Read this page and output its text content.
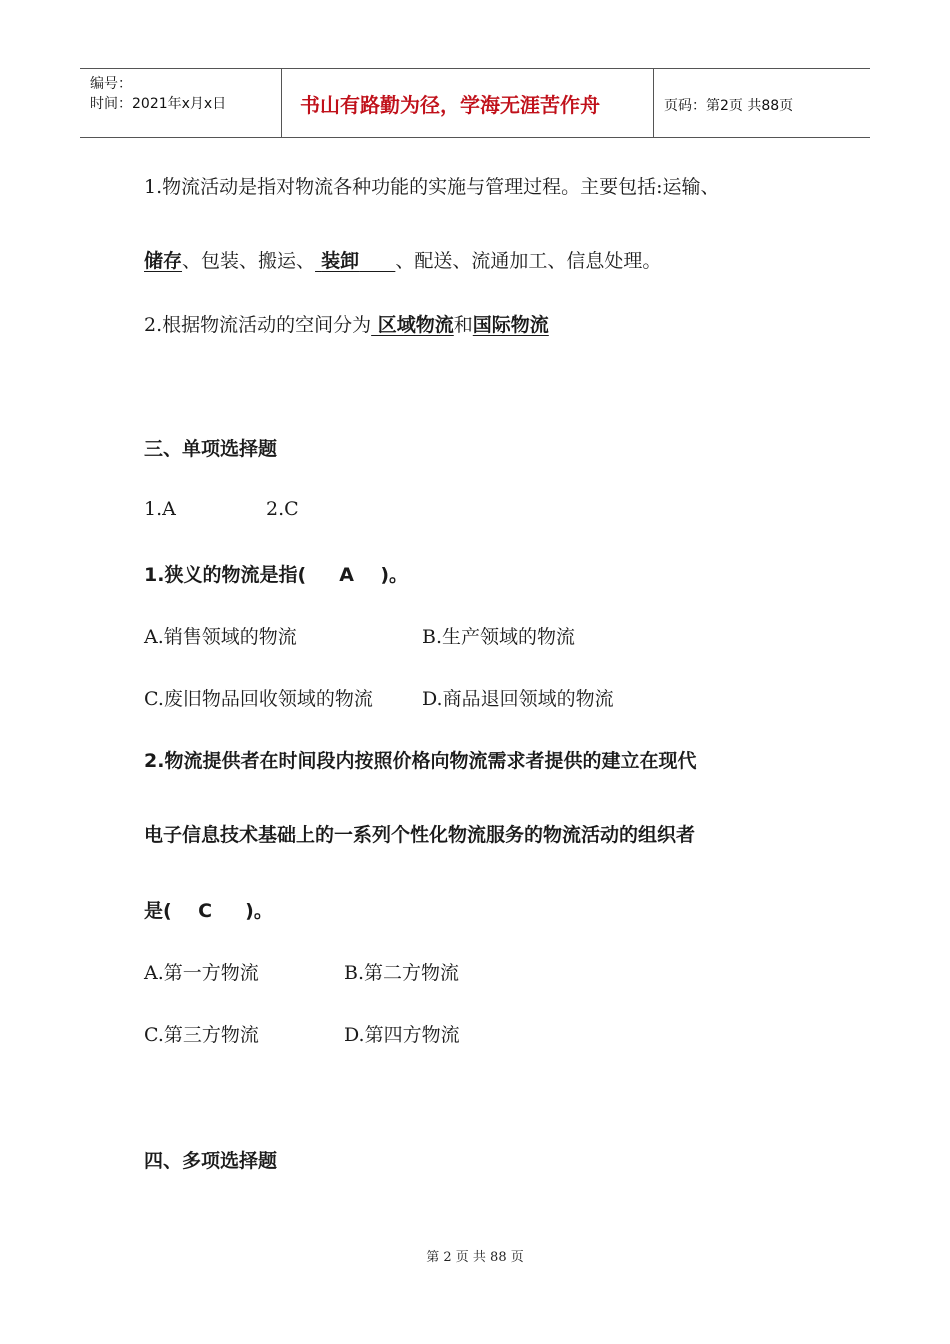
编号：
时间：2021年x月x日	书山有路勤为径，学海无涯苦作舟	页码：第2页 共88页
1.物流活动是指对物流各种功能的实施与管理过程。主要包括:运输、
储存、包装、搬运、 装卸 、配送、流通加工、信息处理。
2.根据物流活动的空间分为 区域物流和国际物流
三、单项选择题
1.A	2.C
1.狭义的物流是指(     A    )。
A.销售领域的物流	B.生产领域的物流
C.废旧物品回收领域的物流	D.商品退回领域的物流
2.物流提供者在时间段内按照价格向物流需求者提供的建立在现代
电子信息技术基础上的一系列个性化物流服务的物流活动的组织者
是(    C     )。
A.第一方物流	B.第二方物流
C.第三方物流	D.第四方物流
四、多项选择题
第 2 页 共 88 页
